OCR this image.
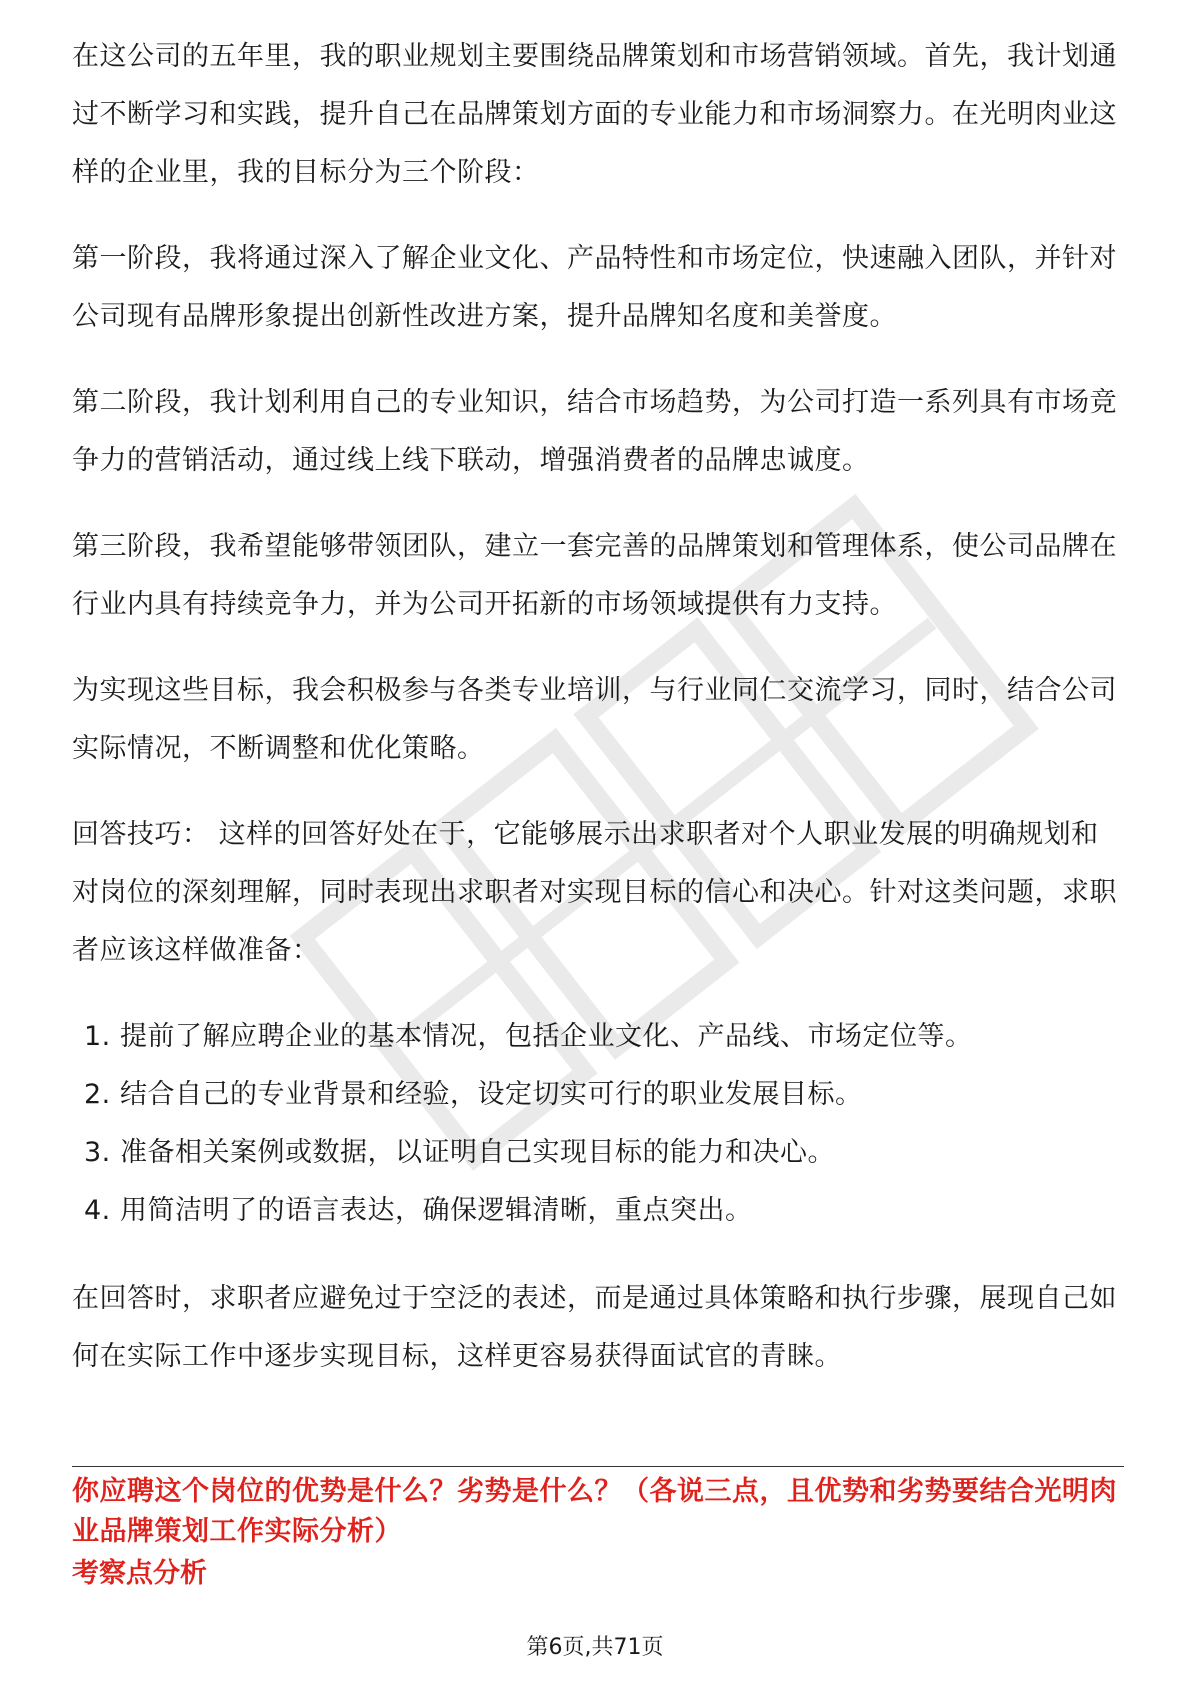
在这公司的五年里，我的职业规划主要围绕品牌策划和市场营销领域。首先，我计划通过不断学习和实践，提升自己在品牌策划方面的专业能力和市场洞察力。在光明肉业这样的企业里，我的目标分为三个阶段：

第一阶段，我将通过深入了解企业文化、产品特性和市场定位，快速融入团队，并针对公司现有品牌形象提出创新性改进方案，提升品牌知名度和美誉度。

第二阶段，我计划利用自己的专业知识，结合市场趋势，为公司打造一系列具有市场竞争力的营销活动，通过线上线下联动，增强消费者的品牌忠诚度。

第三阶段，我希望能够带领团队，建立一套完善的品牌策划和管理体系，使公司品牌在行业内具有持续竞争力，并为公司开拓新的市场领域提供有力支持。

为实现这些目标，我会积极参与各类专业培训，与行业同仁交流学习，同时，结合公司实际情况，不断调整和优化策略。

回答技巧： 这样的回答好处在于，它能够展示出求职者对个人职业发展的明确规划和对岗位的深刻理解，同时表现出求职者对实现目标的信心和决心。针对这类问题，求职者应该这样做准备：

1. 提前了解应聘企业的基本情况，包括企业文化、产品线、市场定位等。
2. 结合自己的专业背景和经验，设定切实可行的职业发展目标。
3. 准备相关案例或数据，以证明自己实现目标的能力和决心。
4. 用简洁明了的语言表达，确保逻辑清晰，重点突出。

在回答时，求职者应避免过于空泛的表述，而是通过具体策略和执行步骤，展现自己如何在实际工作中逐步实现目标，这样更容易获得面试官的青睐。

你应聘这个岗位的优势是什么？劣势是什么？（各说三点，且优势和劣势要结合光明肉业品牌策划工作实际分析）

考察点分析

第6页,共71页
